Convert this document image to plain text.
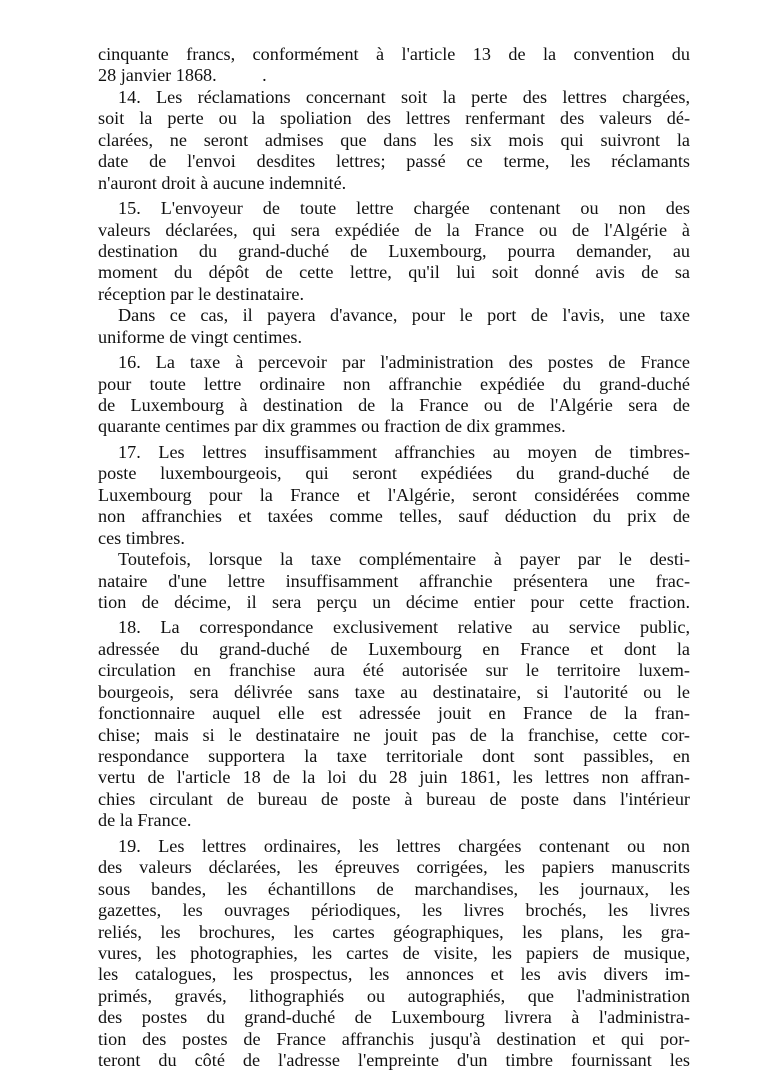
cinquante francs, conformément à l'article 13 de la convention du
28 janvier 1868.          .
14. Les réclamations concernant soit la perte des lettres chargées,
soit la perte ou la spoliation des lettres renfermant des valeurs dé-
clarées, ne seront admises que dans les six mois qui suivront la
date de l'envoi desdites lettres; passé ce terme, les réclamants
n'auront droit à aucune indemnité.
15. L'envoyeur de toute lettre chargée contenant ou non des
valeurs déclarées, qui sera expédiée de la France ou de l'Algérie à
destination du grand-duché de Luxembourg, pourra demander, au
moment du dépôt de cette lettre, qu'il lui soit donné avis de sa
réception par le destinataire.
Dans ce cas, il payera d'avance, pour le port de l'avis, une taxe
uniforme de vingt centimes.
16. La taxe à percevoir par l'administration des postes de France
pour toute lettre ordinaire non affranchie expédiée du grand-duché
de Luxembourg à destination de la France ou de l'Algérie sera de
quarante centimes par dix grammes ou fraction de dix grammes.
17. Les lettres insuffisamment affranchies au moyen de timbres-
poste luxembourgeois, qui seront expédiées du grand-duché de
Luxembourg pour la France et l'Algérie, seront considérées comme
non affranchies et taxées comme telles, sauf déduction du prix de
ces timbres.
Toutefois, lorsque la taxe complémentaire à payer par le desti-
nataire d'une lettre insuffisamment affranchie présentera une frac-
tion de décime, il sera perçu un décime entier pour cette fraction.
18. La correspondance exclusivement relative au service public,
adressée du grand-duché de Luxembourg en France et dont la
circulation en franchise aura été autorisée sur le territoire luxem-
bourgeois, sera délivrée sans taxe au destinataire, si l'autorité ou le
fonctionnaire auquel elle est adressée jouit en France de la fran-
chise; mais si le destinataire ne jouit pas de la franchise, cette cor-
respondance supportera la taxe territoriale dont sont passibles, en
vertu de l'article 18 de la loi du 28 juin 1861, les lettres non affran-
chies circulant de bureau de poste à bureau de poste dans l'intérieur
de la France.
19. Les lettres ordinaires, les lettres chargées contenant ou non
des valeurs déclarées, les épreuves corrigées, les papiers manuscrits
sous bandes, les échantillons de marchandises, les journaux, les
gazettes, les ouvrages périodiques, les livres brochés, les livres
reliés, les brochures, les cartes géographiques, les plans, les gra-
vures, les photographies, les cartes de visite, les papiers de musique,
les catalogues, les prospectus, les annonces et les avis divers im-
primés, gravés, lithographiés ou autographiés, que l'administration
des postes du grand-duché de Luxembourg livrera à l'administra-
tion des postes de France affranchis jusqu'à destination et qui por-
teront du côté de l'adresse l'empreinte d'un timbre fournissant les
